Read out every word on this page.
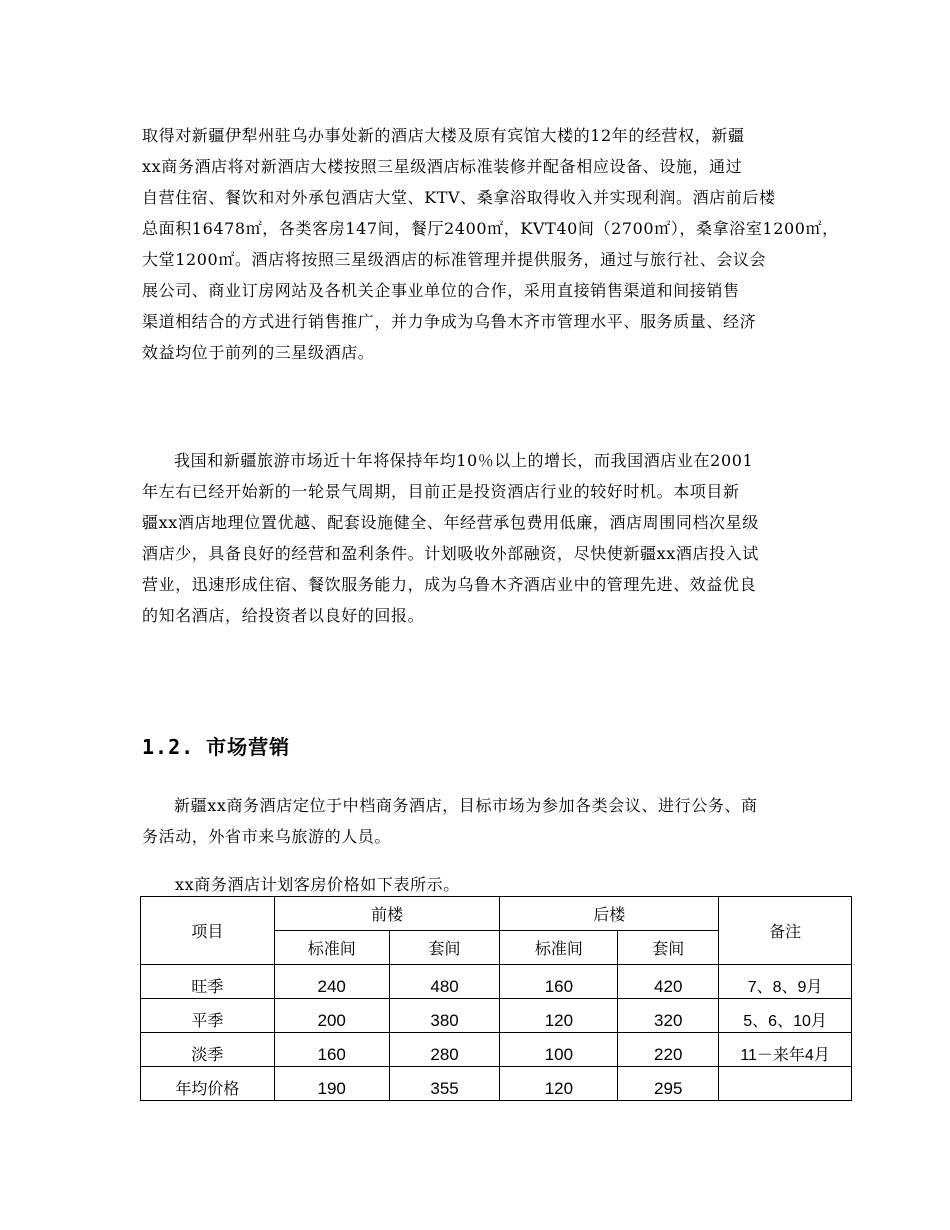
取得对新疆伊犁州驻乌办事处新的酒店大楼及原有宾馆大楼的12年的经营权，新疆
xx商务酒店将对新酒店大楼按照三星级酒店标准装修并配备相应设备、设施，通过
自营住宿、餐饮和对外承包酒店大堂、KTV、桑拿浴取得收入并实现利润。酒店前后楼
总面积16478㎡，各类客房147间，餐厅2400㎡，KVT40间（2700㎡），桑拿浴室1200㎡，
大堂1200㎡。酒店将按照三星级酒店的标准管理并提供服务，通过与旅行社、会议会
展公司、商业订房网站及各机关企事业单位的合作，采用直接销售渠道和间接销售
渠道相结合的方式进行销售推广，并力争成为乌鲁木齐市管理水平、服务质量、经济
效益均位于前列的三星级酒店。
我国和新疆旅游市场近十年将保持年均10％以上的增长，而我国酒店业在2001
年左右已经开始新的一轮景气周期，目前正是投资酒店行业的较好时机。本项目新
疆xx酒店地理位置优越、配套设施健全、年经营承包费用低廉，酒店周围同档次星级
酒店少，具备良好的经营和盈利条件。计划吸收外部融资，尽快使新疆xx酒店投入试
营业，迅速形成住宿、餐饮服务能力，成为乌鲁木齐酒店业中的管理先进、效益优良
的知名酒店，给投资者以良好的回报。
1.2. 市场营销
新疆xx商务酒店定位于中档商务酒店，目标市场为参加各类会议、进行公务、商
务活动，外省市来乌旅游的人员。
xx商务酒店计划客房价格如下表所示。
项目	前楼		后楼		备注
	标准间	套间	标准间	套间	
旺季	240	480	160	420	7、8、9月
平季	200	380	120	320	5、6、10月
淡季	160	280	100	220	11－来年4月
年均价格	190	355	120	295	
